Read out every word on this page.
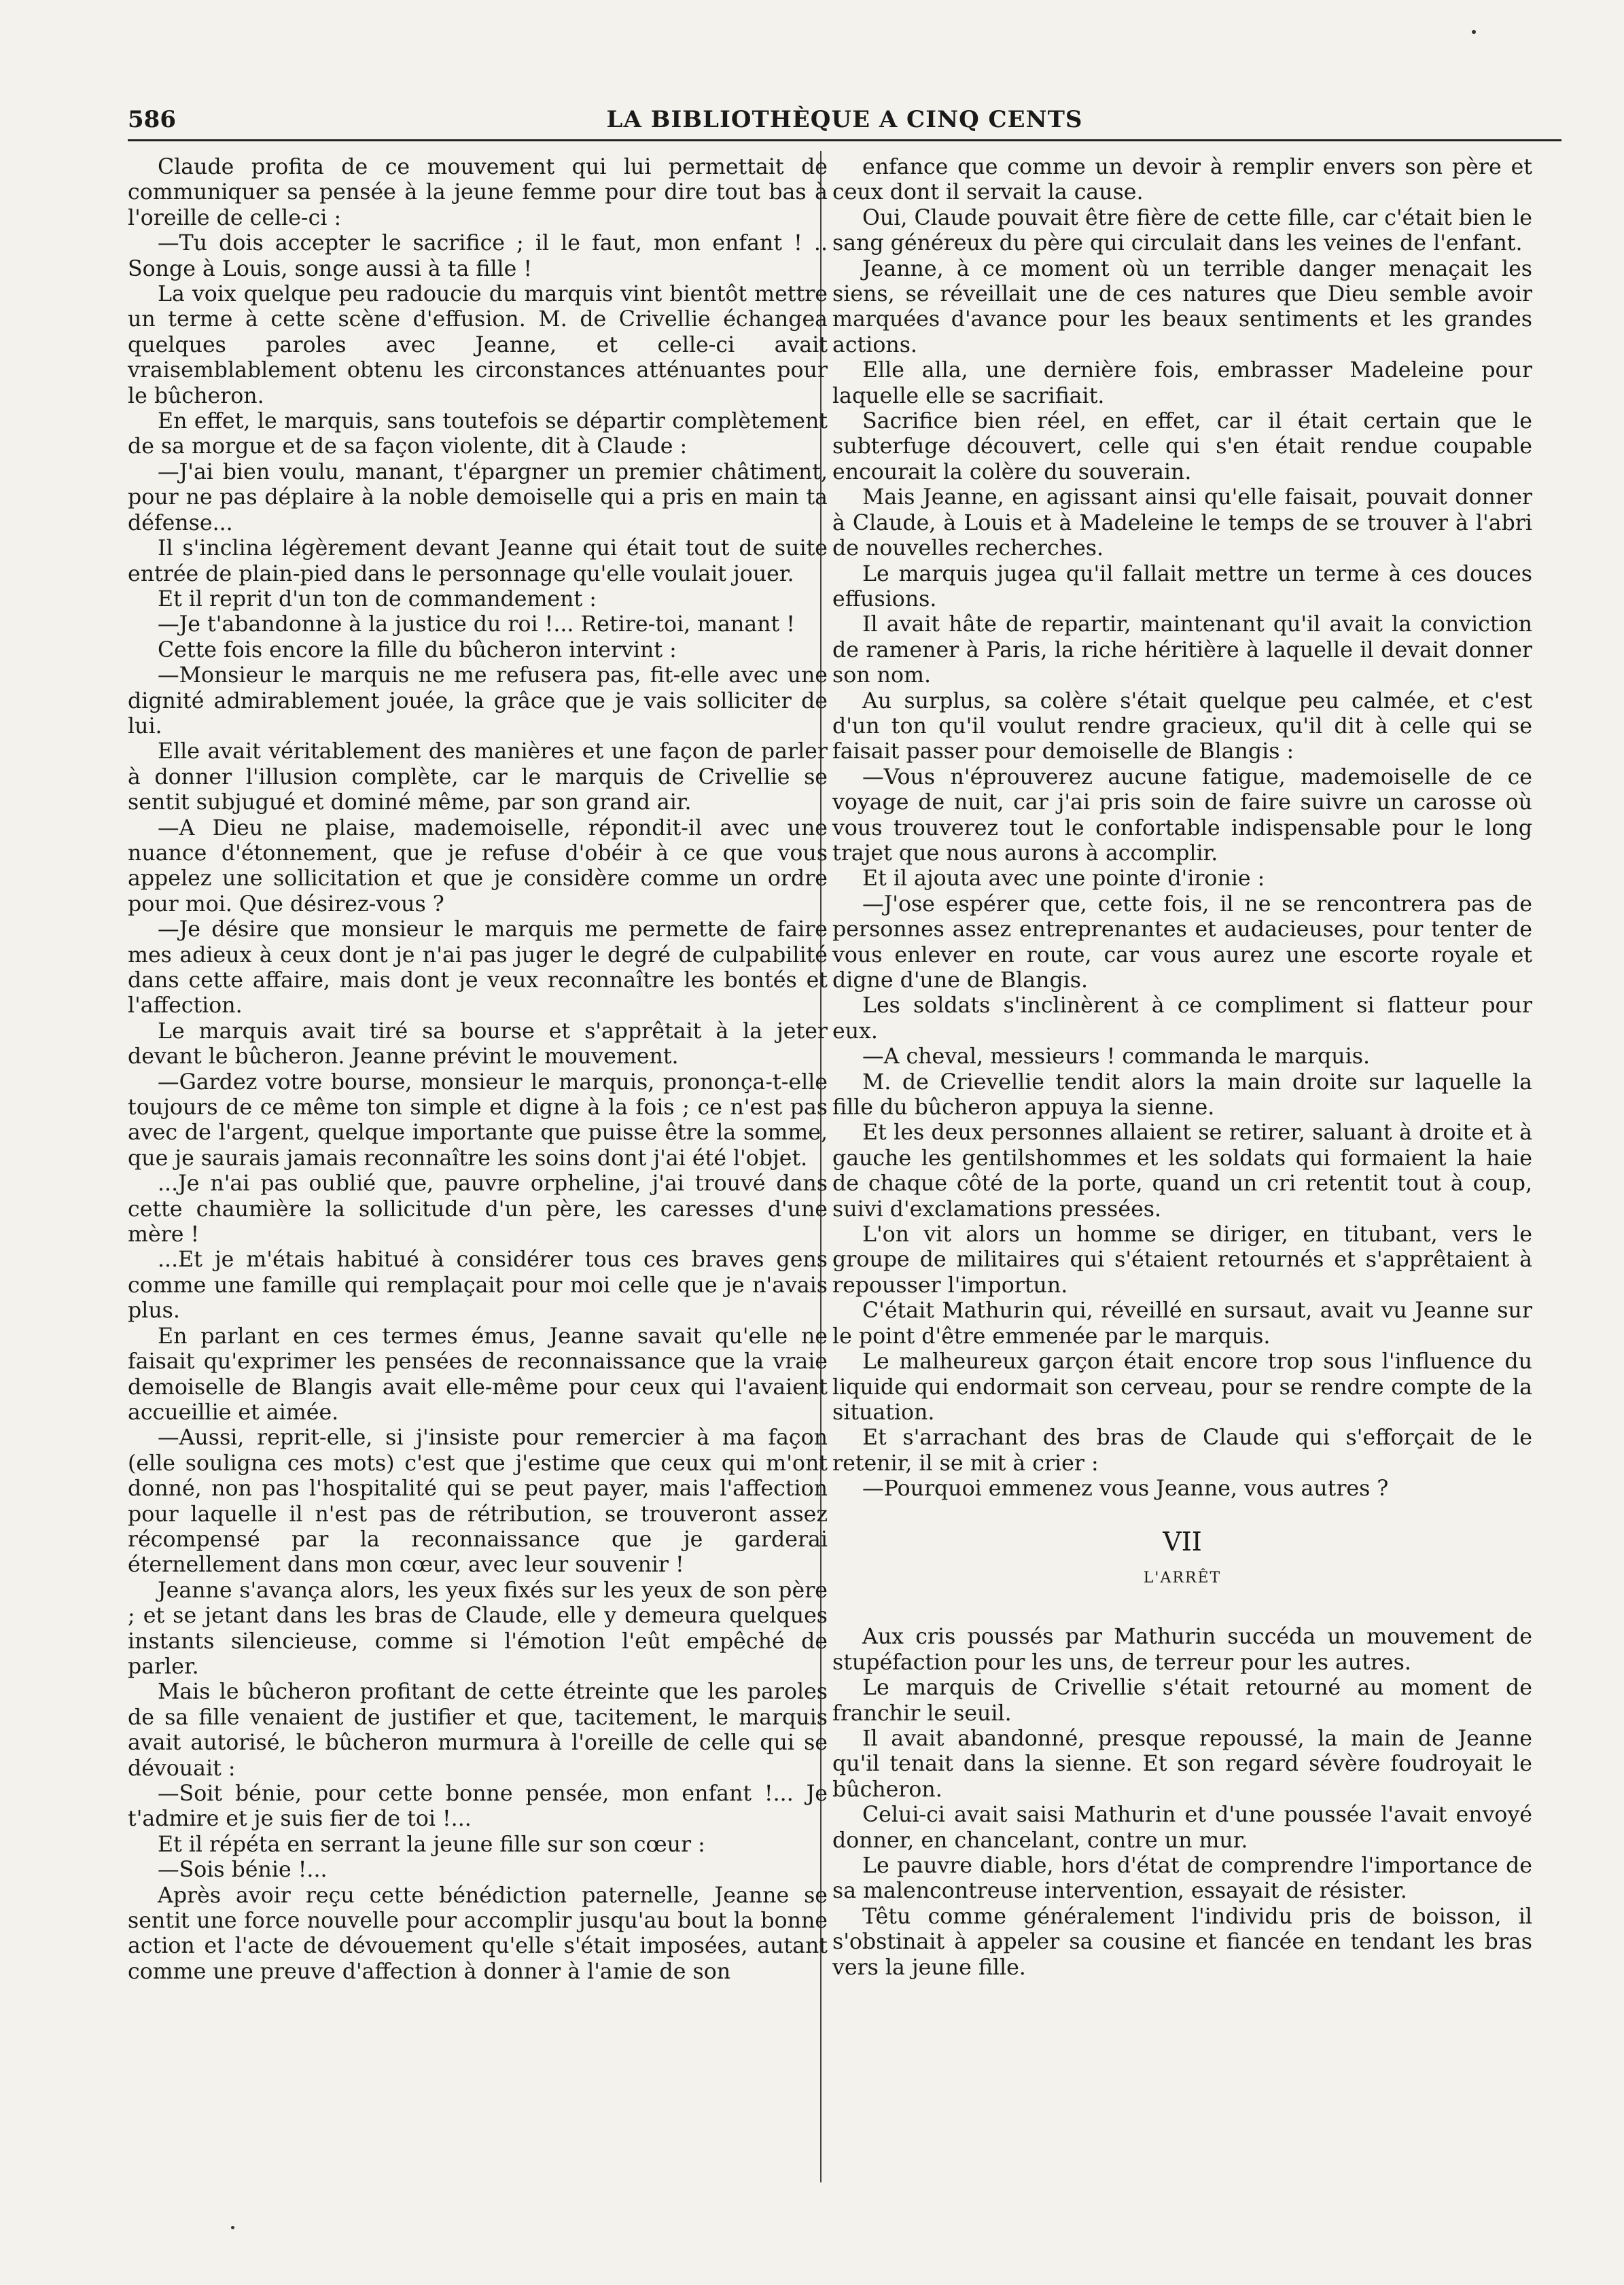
586	LA BIBLIOTHÈQUE A CINQ CENTS

Claude profita de ce mouvement qui lui permettait de communiquer sa pensée à la jeune femme pour dire tout bas à l'oreille de celle-ci :

—Tu dois accepter le sacrifice ; il le faut, mon enfant ! .. Songe à Louis, songe aussi à ta fille !

La voix quelque peu radoucie du marquis vint bientôt mettre un terme à cette scène d'effusion. M. de Crivellie échangea quelques paroles avec Jeanne, et celle-ci avait vraisemblablement obtenu les circonstances atténuantes pour le bûcheron.

En effet, le marquis, sans toutefois se départir complètement de sa morgue et de sa façon violente, dit à Claude :

—J'ai bien voulu, manant, t'épargner un premier châtiment, pour ne pas déplaire à la noble demoiselle qui a pris en main ta défense...

Il s'inclina légèrement devant Jeanne qui était tout de suite entrée de plain-pied dans le personnage qu'elle voulait jouer.

Et il reprit d'un ton de commandement :

—Je t'abandonne à la justice du roi !... Retire-toi, manant !

Cette fois encore la fille du bûcheron intervint :

—Monsieur le marquis ne me refusera pas, fit-elle avec une dignité admirablement jouée, la grâce que je vais solliciter de lui.

Elle avait véritablement des manières et une façon de parler à donner l'illusion complète, car le marquis de Crivellie se sentit subjugué et dominé même, par son grand air.

—A Dieu ne plaise, mademoiselle, répondit-il avec une nuance d'étonnement, que je refuse d'obéir à ce que vous appelez une sollicitation et que je considère comme un ordre pour moi. Que désirez-vous ?

—Je désire que monsieur le marquis me permette de faire mes adieux à ceux dont je n'ai pas juger le degré de culpabilité dans cette affaire, mais dont je veux reconnaître les bontés et l'affection.

Le marquis avait tiré sa bourse et s'apprêtait à la jeter devant le bûcheron. Jeanne prévint le mouvement.

—Gardez votre bourse, monsieur le marquis, prononça-t-elle toujours de ce même ton simple et digne à la fois ; ce n'est pas avec de l'argent, quelque importante que puisse être la somme, que je saurais jamais reconnaître les soins dont j'ai été l'objet.

...Je n'ai pas oublié que, pauvre orpheline, j'ai trouvé dans cette chaumière la sollicitude d'un père, les caresses d'une mère !

...Et je m'étais habitué à considérer tous ces braves gens comme une famille qui remplaçait pour moi celle que je n'avais plus.

En parlant en ces termes émus, Jeanne savait qu'elle ne faisait qu'exprimer les pensées de reconnaissance que la vraie demoiselle de Blangis avait elle-même pour ceux qui l'avaient accueillie et aimée.

—Aussi, reprit-elle, si j'insiste pour remercier à ma façon (elle souligna ces mots) c'est que j'estime que ceux qui m'ont donné, non pas l'hospitalité qui se peut payer, mais l'affection pour laquelle il n'est pas de rétribution, se trouveront assez récompensé par la reconnaissance que je garderai éternellement dans mon cœur, avec leur souvenir !

Jeanne s'avança alors, les yeux fixés sur les yeux de son père ; et se jetant dans les bras de Claude, elle y demeura quelques instants silencieuse, comme si l'émotion l'eût empêché de parler.

Mais le bûcheron profitant de cette étreinte que les paroles de sa fille venaient de justifier et que, tacitement, le marquis avait autorisé, le bûcheron murmura à l'oreille de celle qui se dévouait :

—Soit bénie, pour cette bonne pensée, mon enfant !... Je t'admire et je suis fier de toi !...

Et il répéta en serrant la jeune fille sur son cœur :

—Sois bénie !...

Après avoir reçu cette bénédiction paternelle, Jeanne se sentit une force nouvelle pour accomplir jusqu'au bout la bonne action et l'acte de dévouement qu'elle s'était imposées, autant comme une preuve d'affection à donner à l'amie de son

enfance que comme un devoir à remplir envers son père et ceux dont il servait la cause.

Oui, Claude pouvait être fière de cette fille, car c'était bien le sang généreux du père qui circulait dans les veines de l'enfant.

Jeanne, à ce moment où un terrible danger menaçait les siens, se réveillait une de ces natures que Dieu semble avoir marquées d'avance pour les beaux sentiments et les grandes actions.

Elle alla, une dernière fois, embrasser Madeleine pour laquelle elle se sacrifiait.

Sacrifice bien réel, en effet, car il était certain que le subterfuge découvert, celle qui s'en était rendue coupable encourait la colère du souverain.

Mais Jeanne, en agissant ainsi qu'elle faisait, pouvait donner à Claude, à Louis et à Madeleine le temps de se trouver à l'abri de nouvelles recherches.

Le marquis jugea qu'il fallait mettre un terme à ces douces effusions.

Il avait hâte de repartir, maintenant qu'il avait la conviction de ramener à Paris, la riche héritière à laquelle il devait donner son nom.

Au surplus, sa colère s'était quelque peu calmée, et c'est d'un ton qu'il voulut rendre gracieux, qu'il dit à celle qui se faisait passer pour demoiselle de Blangis :

—Vous n'éprouverez aucune fatigue, mademoiselle de ce voyage de nuit, car j'ai pris soin de faire suivre un carosse où vous trouverez tout le confortable indispensable pour le long trajet que nous aurons à accomplir.

Et il ajouta avec une pointe d'ironie :

—J'ose espérer que, cette fois, il ne se rencontrera pas de personnes assez entreprenantes et audacieuses, pour tenter de vous enlever en route, car vous aurez une escorte royale et digne d'une de Blangis.

Les soldats s'inclinèrent à ce compliment si flatteur pour eux.

—A cheval, messieurs ! commanda le marquis.

M. de Crievellie tendit alors la main droite sur laquelle la fille du bûcheron appuya la sienne.

Et les deux personnes allaient se retirer, saluant à droite et à gauche les gentilshommes et les soldats qui formaient la haie de chaque côté de la porte, quand un cri retentit tout à coup, suivi d'exclamations pressées.

L'on vit alors un homme se diriger, en titubant, vers le groupe de militaires qui s'étaient retournés et s'apprêtaient à repousser l'importun.

C'était Mathurin qui, réveillé en sursaut, avait vu Jeanne sur le point d'être emmenée par le marquis.

Le malheureux garçon était encore trop sous l'influence du liquide qui endormait son cerveau, pour se rendre compte de la situation.

Et s'arrachant des bras de Claude qui s'efforçait de le retenir, il se mit à crier :

—Pourquoi emmenez vous Jeanne, vous autres ?

VII
L'ARRÊT

Aux cris poussés par Mathurin succéda un mouvement de stupéfaction pour les uns, de terreur pour les autres.

Le marquis de Crivellie s'était retourné au moment de franchir le seuil.

Il avait abandonné, presque repoussé, la main de Jeanne qu'il tenait dans la sienne. Et son regard sévère foudroyait le bûcheron.

Celui-ci avait saisi Mathurin et d'une poussée l'avait envoyé donner, en chancelant, contre un mur.

Le pauvre diable, hors d'état de comprendre l'importance de sa malencontreuse intervention, essayait de résister.

Têtu comme généralement l'individu pris de boisson, il s'obstinait à appeler sa cousine et fiancée en tendant les bras vers la jeune fille.
